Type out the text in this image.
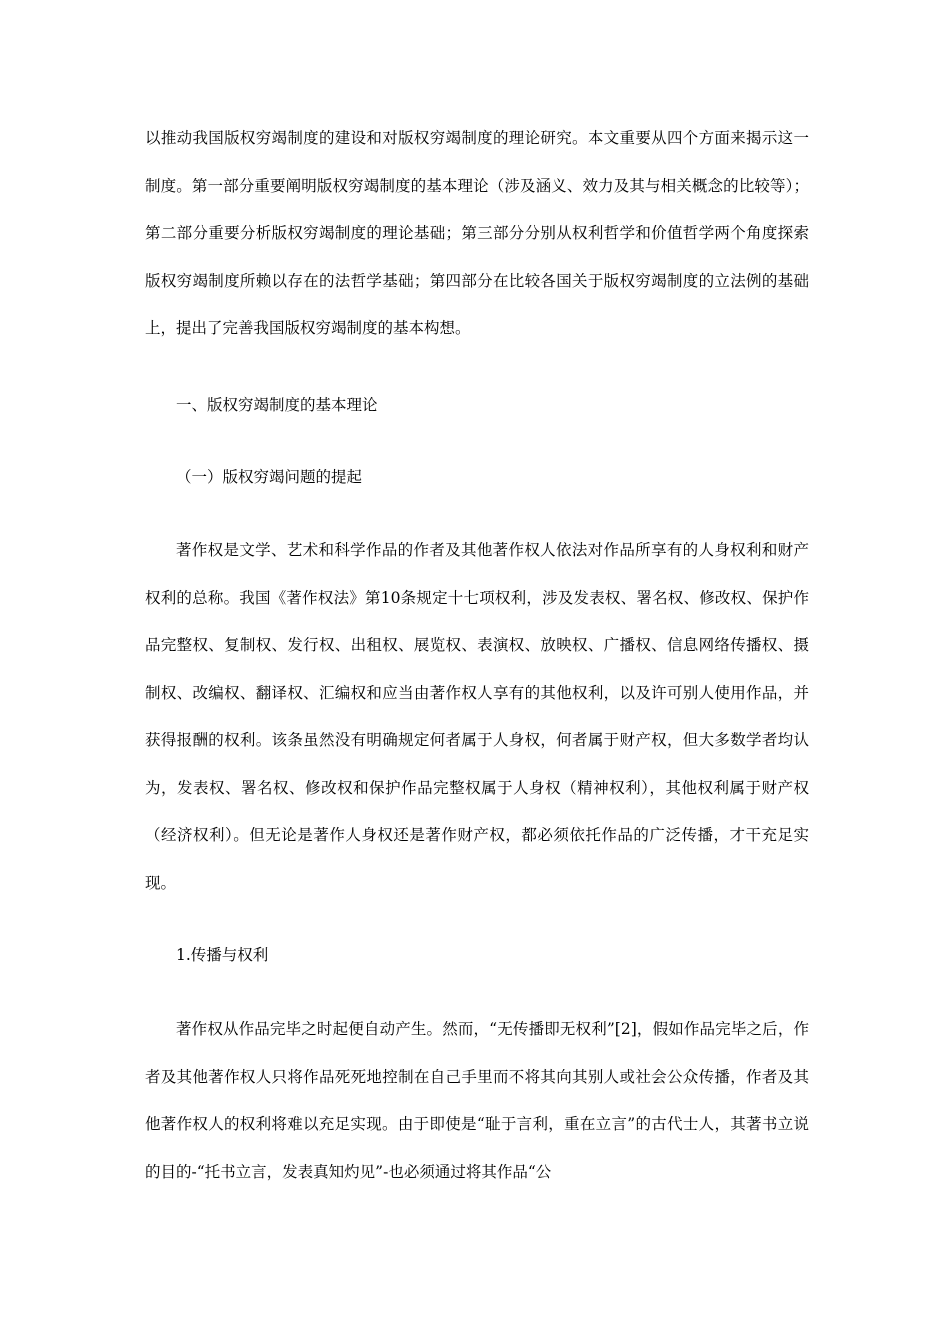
以推动我国版权穷竭制度的建设和对版权穷竭制度的理论研究。本文重要从四个方面来揭示这一制度。第一部分重要阐明版权穷竭制度的基本理论（涉及涵义、效力及其与相关概念的比较等）；第二部分重要分析版权穷竭制度的理论基础；第三部分分别从权利哲学和价值哲学两个角度探索版权穷竭制度所赖以存在的法哲学基础；第四部分在比较各国关于版权穷竭制度的立法例的基础上，提出了完善我国版权穷竭制度的基本构想。

一、版权穷竭制度的基本理论

（一）版权穷竭问题的提起

著作权是文学、艺术和科学作品的作者及其他著作权人依法对作品所享有的人身权利和财产权利的总称。我国《著作权法》第10条规定十七项权利，涉及发表权、署名权、修改权、保护作品完整权、复制权、发行权、出租权、展览权、表演权、放映权、广播权、信息网络传播权、摄制权、改编权、翻译权、汇编权和应当由著作权人享有的其他权利，以及许可别人使用作品，并获得报酬的权利。该条虽然没有明确规定何者属于人身权，何者属于财产权，但大多数学者均认为，发表权、署名权、修改权和保护作品完整权属于人身权（精神权利），其他权利属于财产权（经济权利）。但无论是著作人身权还是著作财产权，都必须依托作品的广泛传播，才干充足实现。

1.传播与权利

著作权从作品完毕之时起便自动产生。然而，“无传播即无权利”[2]，假如作品完毕之后，作者及其他著作权人只将作品死死地控制在自己手里而不将其向其别人或社会公众传播，作者及其他著作权人的权利将难以充足实现。由于即使是“耻于言利，重在立言”的古代士人，其著书立说的目的-“托书立言，发表真知灼见”-也必须通过将其作品“公
